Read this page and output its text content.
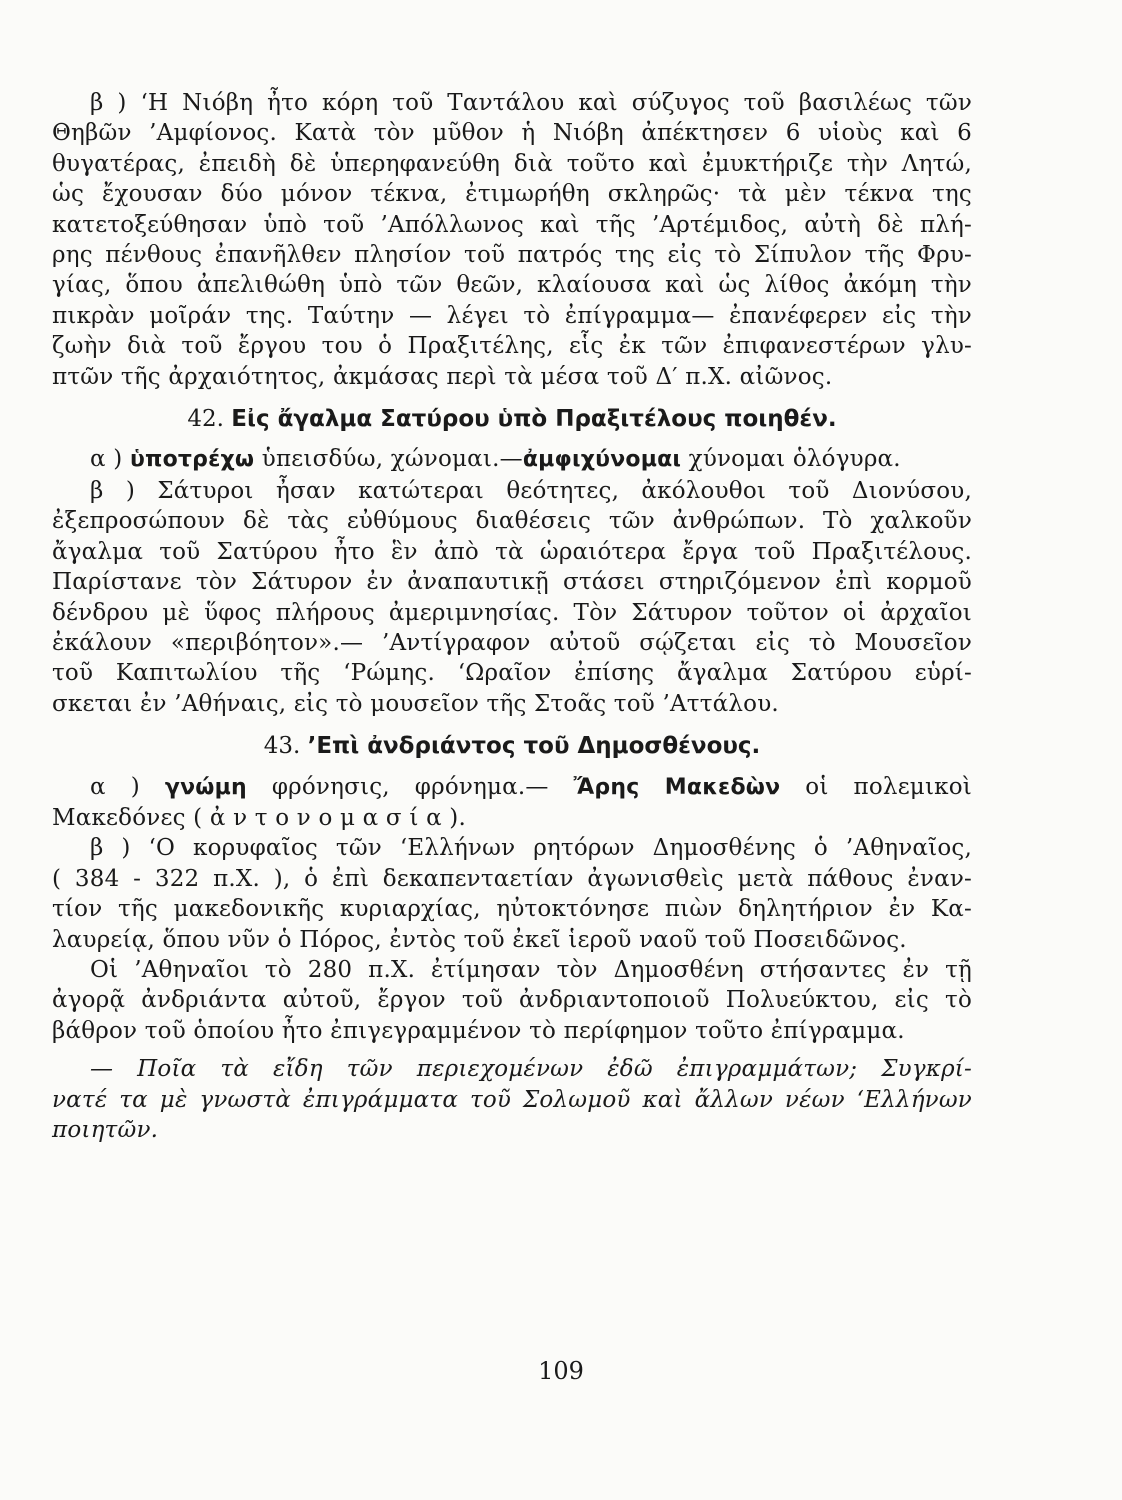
β ) ‘Η Νιόβη ἦτο κόρη τοῦ Ταντάλου καὶ σύζυγος τοῦ βασιλέως τῶν
Θηβῶν ’Αμφίονος. Κατὰ τὸν μῦθον ἡ Νιόβη ἀπέκτησεν 6 υἱοὺς καὶ 6
θυγατέρας, ἐπειδὴ δὲ ὑπερηφανεύθη διὰ τοῦτο καὶ ἐμυκτήριζε τὴν Λητώ,
ὡς ἔχουσαν δύο μόνον τέκνα, ἐτιμωρήθη σκληρῶς· τὰ μὲν τέκνα της
κατετοξεύθησαν ὑπὸ τοῦ ’Απόλλωνος καὶ τῆς ’Αρτέμιδος, αὐτὴ δὲ πλή-
ρης πένθους ἐπανῆλθεν πλησίον τοῦ πατρός της εἰς τὸ Σίπυλον τῆς Φρυ-
γίας, ὅπου ἀπελιθώθη ὑπὸ τῶν θεῶν, κλαίουσα καὶ ὡς λίθος ἀκόμη τὴν
πικρὰν μοῖράν της. Ταύτην — λέγει τὸ ἐπίγραμμα— ἐπανέφερεν εἰς τὴν
ζωὴν διὰ τοῦ ἔργου του ὁ Πραξιτέλης, εἷς ἐκ τῶν ἐπιφανεστέρων γλυ-
πτῶν τῆς ἀρχαιότητος, ἀκμάσας περὶ τὰ μέσα τοῦ Δ′ π.Χ. αἰῶνος.
42. Εἰς ἄγαλμα Σατύρου ὑπὸ Πραξιτέλους ποιηθέν.
α ) ὑποτρέχω ὑπεισδύω, χώνομαι.—ἀμφιχύνομαι χύνομαι ὁλόγυρα.
β ) Σάτυροι ἦσαν κατώτεραι θεότητες, ἀκόλουθοι τοῦ Διονύσου,
ἐξεπροσώπουν δὲ τὰς εὐθύμους διαθέσεις τῶν ἀνθρώπων. Τὸ χαλκοῦν
ἄγαλμα τοῦ Σατύρου ἦτο ἓν ἀπὸ τὰ ὡραιότερα ἔργα τοῦ Πραξιτέλους.
Παρίστανε τὸν Σάτυρον ἐν ἀναπαυτικῇ στάσει στηριζόμενον ἐπὶ κορμοῦ
δένδρου μὲ ὕφος πλήρους ἀμεριμνησίας. Τὸν Σάτυρον τοῦτον οἱ ἀρχαῖοι
ἐκάλουν «περιβόητον».— ’Αντίγραφον αὐτοῦ σῴζεται εἰς τὸ Μουσεῖον
τοῦ Καπιτωλίου τῆς ‘Ρώμης. ‘Ωραῖον ἐπίσης ἄγαλμα Σατύρου εὑρί-
σκεται ἐν ’Αθήναις, εἰς τὸ μουσεῖον τῆς Στοᾶς τοῦ ’Αττάλου.
43. ’Επὶ ἀνδριάντος τοῦ Δημοσθένους.
α ) γνώμη φρόνησις, φρόνημα.— Ἄρης Μακεδὼν οἱ πολεμικοὶ
Μακεδόνες ( ἀ ν τ ο ν ο μ α σ ί α ).
β ) ‘Ο κορυφαῖος τῶν ‘Ελλήνων ρητόρων Δημοσθένης ὁ ’Αθηναῖος,
( 384 - 322 π.Χ. ), ὁ ἐπὶ δεκαπενταετίαν ἀγωνισθεὶς μετὰ πάθους ἐναν-
τίον τῆς μακεδονικῆς κυριαρχίας, ηὐτοκτόνησε πιὼν δηλητήριον ἐν Κα-
λαυρείᾳ, ὅπου νῦν ὁ Πόρος, ἐντὸς τοῦ ἐκεῖ ἱεροῦ ναοῦ τοῦ Ποσειδῶνος.
Οἱ ’Αθηναῖοι τὸ 280 π.Χ. ἐτίμησαν τὸν Δημοσθένη στήσαντες ἐν τῇ
ἀγορᾷ ἀνδριάντα αὐτοῦ, ἔργον τοῦ ἀνδριαντοποιοῦ Πολυεύκτου, εἰς τὸ
βάθρον τοῦ ὁποίου ἦτο ἐπιγεγραμμένον τὸ περίφημον τοῦτο ἐπίγραμμα.
— Ποῖα τὰ εἴδη τῶν περιεχομένων ἐδῶ ἐπιγραμμάτων; Συγκρί-
νατέ τα μὲ γνωστὰ ἐπιγράμματα τοῦ Σολωμοῦ καὶ ἄλλων νέων ‘Ελλήνων
ποιητῶν.
109
